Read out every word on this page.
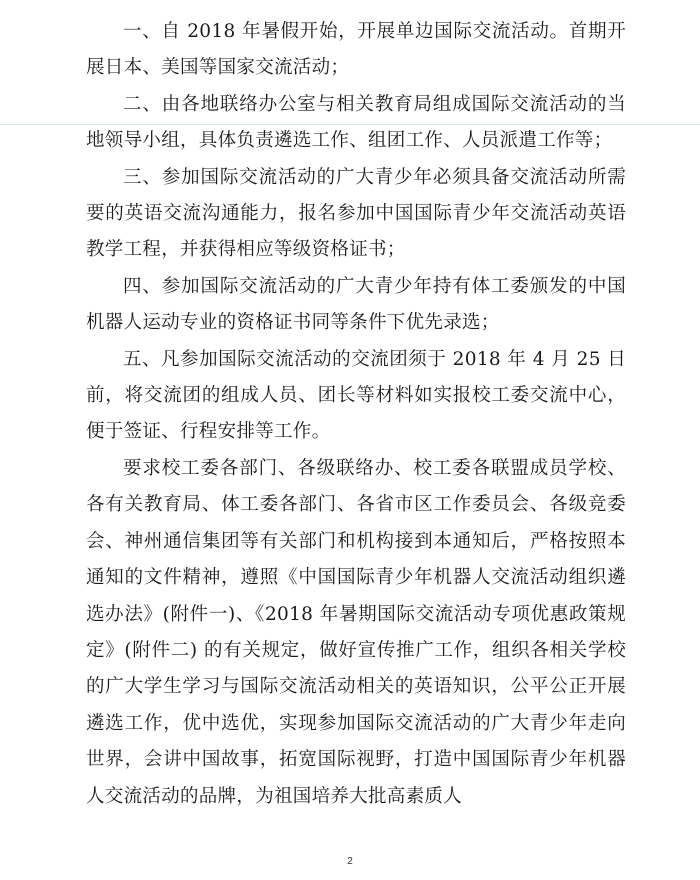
一、自 2018 年暑假开始，开展单边国际交流活动。首期开展日本、美国等国家交流活动；

二、由各地联络办公室与相关教育局组成国际交流活动的当地领导小组，具体负责遴选工作、组团工作、人员派遣工作等；

三、参加国际交流活动的广大青少年必须具备交流活动所需要的英语交流沟通能力，报名参加中国国际青少年交流活动英语教学工程，并获得相应等级资格证书；

四、参加国际交流活动的广大青少年持有体工委颁发的中国机器人运动专业的资格证书同等条件下优先录选；

五、凡参加国际交流活动的交流团须于 2018 年 4 月 25 日前，将交流团的组成人员、团长等材料如实报校工委交流中心，便于签证、行程安排等工作。

要求校工委各部门、各级联络办、校工委各联盟成员学校、各有关教育局、体工委各部门、各省市区工作委员会、各级竞委会、神州通信集团等有关部门和机构接到本通知后，严格按照本通知的文件精神，遵照《中国国际青少年机器人交流活动组织遴选办法》(附件一)、《2018 年暑期国际交流活动专项优惠政策规定》(附件二) 的有关规定，做好宣传推广工作，组织各相关学校的广大学生学习与国际交流活动相关的英语知识，公平公正开展遴选工作，优中选优，实现参加国际交流活动的广大青少年走向世界，会讲中国故事，拓宽国际视野，打造中国国际青少年机器人交流活动的品牌，为祖国培养大批高素质人

2
